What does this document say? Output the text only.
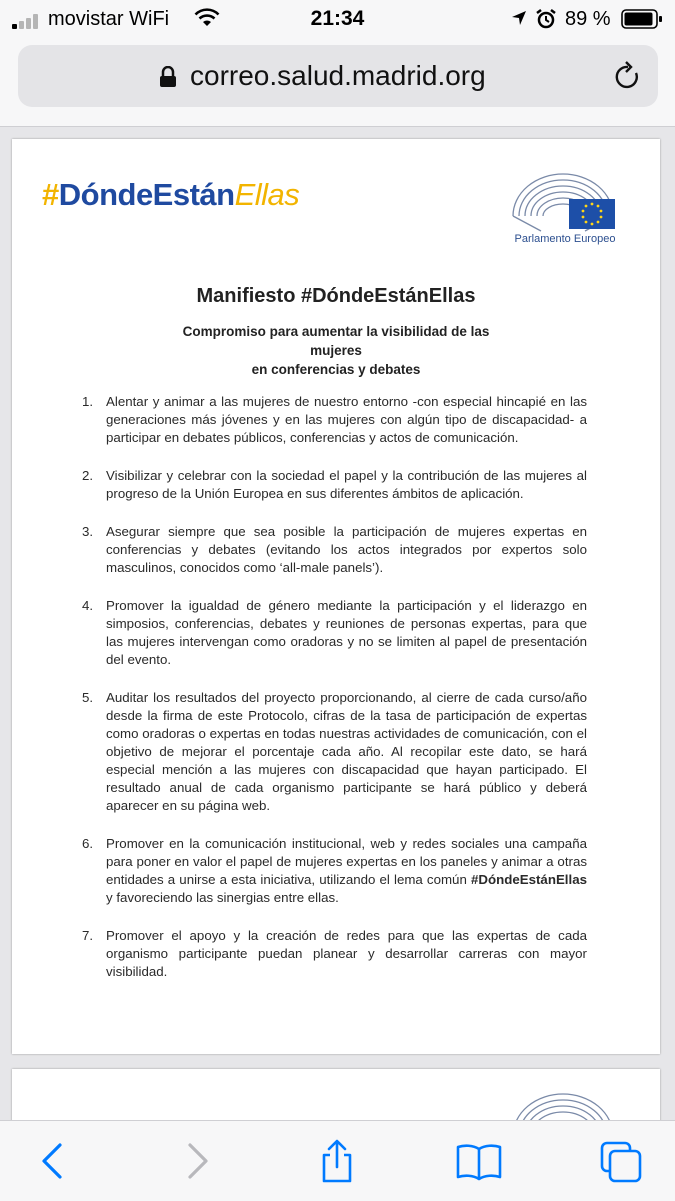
movistar WiFi	21:34	89 %
correo.salud.madrid.org
#DóndeEstánEllas
Parlamento Europeo
Manifiesto #DóndeEstánEllas
Compromiso para aumentar la visibilidad de las mujeres
en conferencias y debates
1. Alentar y animar a las mujeres de nuestro entorno -con especial hincapié en las generaciones más jóvenes y en las mujeres con algún tipo de discapacidad- a participar en debates públicos, conferencias y actos de comunicación.
2. Visibilizar y celebrar con la sociedad el papel y la contribución de las mujeres al progreso de la Unión Europea en sus diferentes ámbitos de aplicación.
3. Asegurar siempre que sea posible la participación de mujeres expertas en conferencias y debates (evitando los actos integrados por expertos solo masculinos, conocidos como ‘all-male panels’).
4. Promover la igualdad de género mediante la participación y el liderazgo en simposios, conferencias, debates y reuniones de personas expertas, para que las mujeres intervengan como oradoras y no se limiten al papel de presentación del evento.
5. Auditar los resultados del proyecto proporcionando, al cierre de cada curso/año desde la firma de este Protocolo, cifras de la tasa de participación de expertas como oradoras o expertas en todas nuestras actividades de comunicación, con el objetivo de mejorar el porcentaje cada año. Al recopilar este dato, se hará especial mención a las mujeres con discapacidad que hayan participado. El resultado anual de cada organismo participante se hará público y deberá aparecer en su página web.
6. Promover en la comunicación institucional, web y redes sociales una campaña para poner en valor el papel de mujeres expertas en los paneles y animar a otras entidades a unirse a esta iniciativa, utilizando el lema común #DóndeEstánEllas y favoreciendo las sinergias entre ellas.
7. Promover el apoyo y la creación de redes para que las expertas de cada organismo participante puedan planear y desarrollar carreras con mayor visibilidad.
